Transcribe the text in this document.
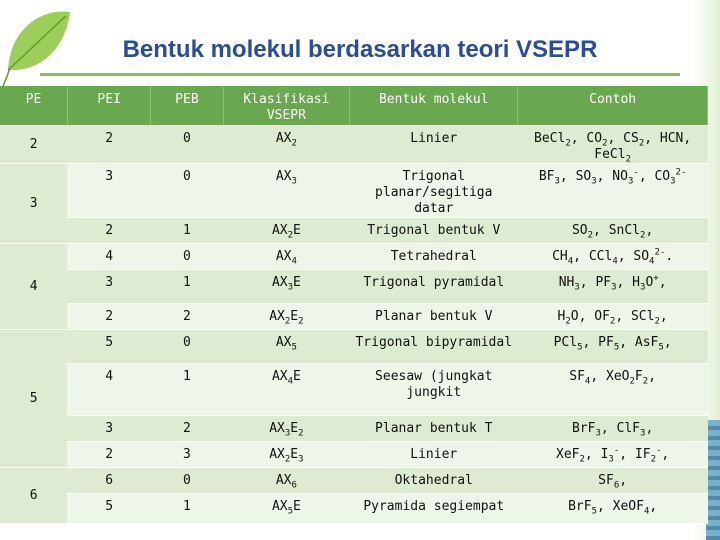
Bentuk molekul berdasarkan teori VSEPR
PE	PEI	PEB	Klasifikasi VSEPR	Bentuk molekul	Contoh
2	2	0	$AX_2$	Linier	BeCl$_2$, $CO_2$, $CS_2$, HCN, FeCl$_2$
3	3	0	$AX_3$	Trigonal planar/segitiga datar	$BF_3$, $SO_3$, $NO_3^-$, $CO_3^{2-}$
	2	1	$AX_2E$	Trigonal bentuk V	$SO_2$, SnCl$_2$,
4	4	0	$AX_4$	Tetrahedral	$CH_4$, CCl$_4$, $SO_4^{2-}$.
	3	1	$AX_3E$	Trigonal pyramidal	$NH_3$, $PF_3$, $H_3O^+$,
	2	2	$AX_2E_2$	Planar bentuk V	$H_2O$, $OF_2$, SCl$_2$,
5	5	0	$AX_5$	Trigonal bipyramidal	PCl$_5$, $PF_5$, AsF$_5$,
	4	1	$AX_4E$	Seesaw (jungkat jungkit	$SF_4$, $XeO_2F_2$,
	3	2	$AX_3E_2$	Planar bentuk T	BrF$_3$, ClF$_3$,
	2	3	$AX_2E_3$	Linier	XeF$_2$, $I_3^-$, $IF_2^-$,
6	6	0	$AX_6$	Oktahedral	$SF_6$,
	5	1	$AX_5E$	Pyramida segiempat	BrF$_5$, XeOF$_4$,
